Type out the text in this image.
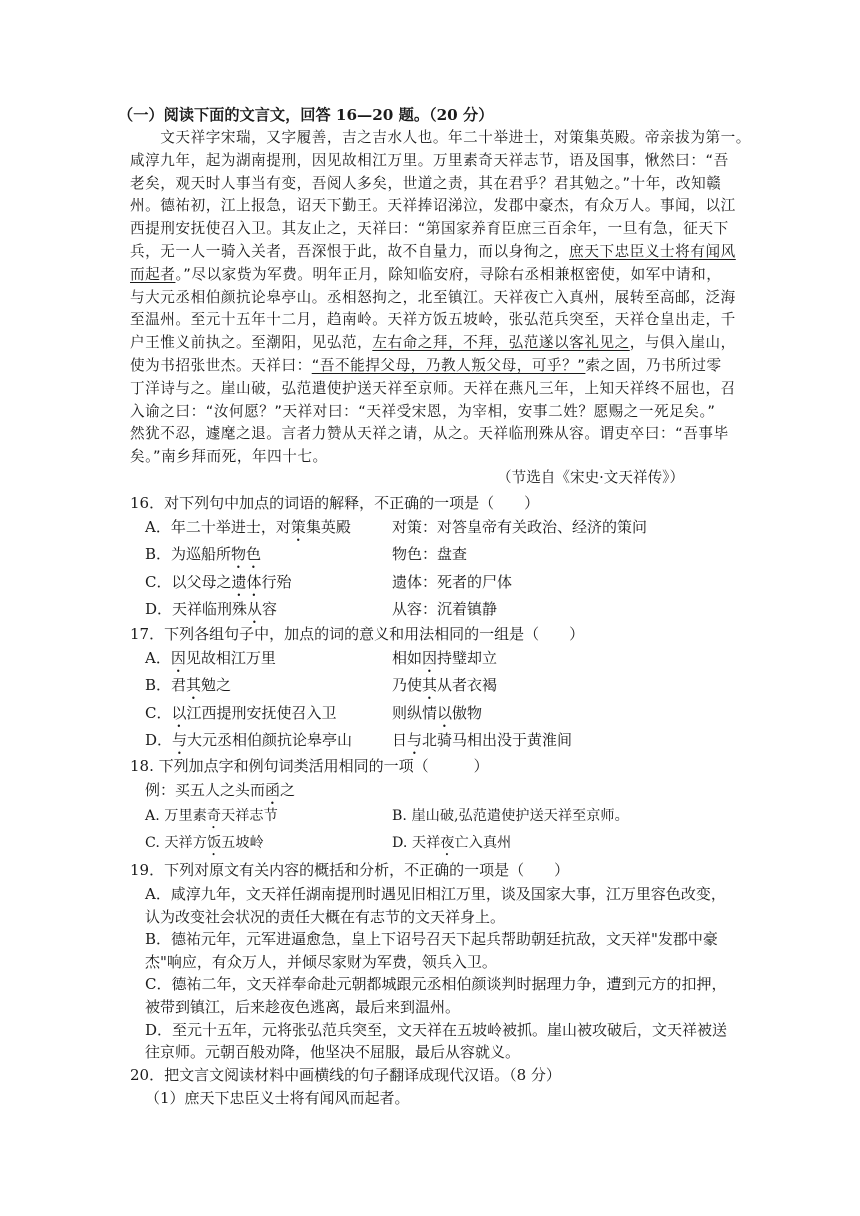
（一）阅读下面的文言文，回答 16—20 题。（20 分）
　　文天祥字宋瑞，又字履善，吉之吉水人也。年二十举进士，对策集英殿。帝亲拔为第一。
咸淳九年，起为湖南提刑，因见故相江万里。万里素奇天祥志节，语及国事，愀然曰：“吾
老矣，观天时人事当有变，吾阅人多矣，世道之责，其在君乎？君其勉之。”十年，改知赣
州。德祐初，江上报急，诏天下勤王。天祥捧诏涕泣，发郡中豪杰，有众万人。事闻，以江
西提刑安抚使召入卫。其友止之，天祥曰：“第国家养育臣庶三百余年，一旦有急，征天下
兵，无一人一骑入关者，吾深恨于此，故不自量力，而以身徇之，庶天下忠臣义士将有闻风
而起者。”尽以家赀为军费。明年正月，除知临安府，寻除右丞相兼枢密使，如军中请和，
与大元丞相伯颜抗论皋亭山。丞相怒拘之，北至镇江。天祥夜亡入真州，展转至高邮，泛海
至温州。至元十五年十二月，趋南岭。天祥方饭五坡岭，张弘范兵突至，天祥仓皇出走，千
户王惟义前执之。至潮阳，见弘范，左右命之拜，不拜，弘范遂以客礼见之，与俱入崖山，
使为书招张世杰。天祥曰：“吾不能捍父母，乃教人叛父母，可乎？”索之固，乃书所过零
丁洋诗与之。崖山破，弘范遣使护送天祥至京师。天祥在燕凡三年，上知天祥终不屈也，召
入谕之曰：“汝何愿？”天祥对曰：“天祥受宋恩，为宰相，安事二姓？愿赐之一死足矣。”
然犹不忍，遽麾之退。言者力赞从天祥之请，从之。天祥临刑殊从容。谓吏卒曰：“吾事毕
矣。”南乡拜而死，年四十七。
（节选自《宋史·文天祥传》）
16．对下列句中加点的词语的解释，不正确的一项是（　　）
A．年二十举进士，对策集英殿	对策：对答皇帝有关政治、经济的策问
B．为巡船所物色	物色：盘查
C．以父母之遗体行殆	遗体：死者的尸体
D．天祥临刑殊从容	从容：沉着镇静
17．下列各组句子中，加点的词的意义和用法相同的一组是（　　）
A．因见故相江万里	相如因持璧却立
B．君其勉之	乃使其从者衣褐
C．以江西提刑安抚使召入卫	则纵情以傲物
D．与大元丞相伯颜抗论皋亭山	日与北骑马相出没于黄淮间
18. 下列加点字和例句词类活用相同的一项（　　　）
例：买五人之头而函之
A. 万里素奇天祥志节	B. 崖山破,弘范遣使护送天祥至京师。
C. 天祥方饭五坡岭	D. 天祥夜亡入真州
19．下列对原文有关内容的概括和分析，不正确的一项是（　　）
A．咸淳九年，文天祥任湖南提刑时遇见旧相江万里，谈及国家大事，江万里容色改变，
认为改变社会状况的责任大概在有志节的文天祥身上。
B．德祐元年，元军进逼愈急，皇上下诏号召天下起兵帮助朝廷抗敌，文天祥"发郡中豪
杰"响应，有众万人，并倾尽家财为军费，领兵入卫。
C．德祐二年，文天祥奉命赴元朝都城跟元丞相伯颜谈判时据理力争，遭到元方的扣押，
被带到镇江，后来趁夜色逃离，最后来到温州。
D．至元十五年，元将张弘范兵突至，文天祥在五坡岭被抓。崖山被攻破后，文天祥被送
往京师。元朝百般劝降，他坚决不屈服，最后从容就义。
20．把文言文阅读材料中画横线的句子翻译成现代汉语。（8 分）
（1）庶天下忠臣义士将有闻风而起者。
